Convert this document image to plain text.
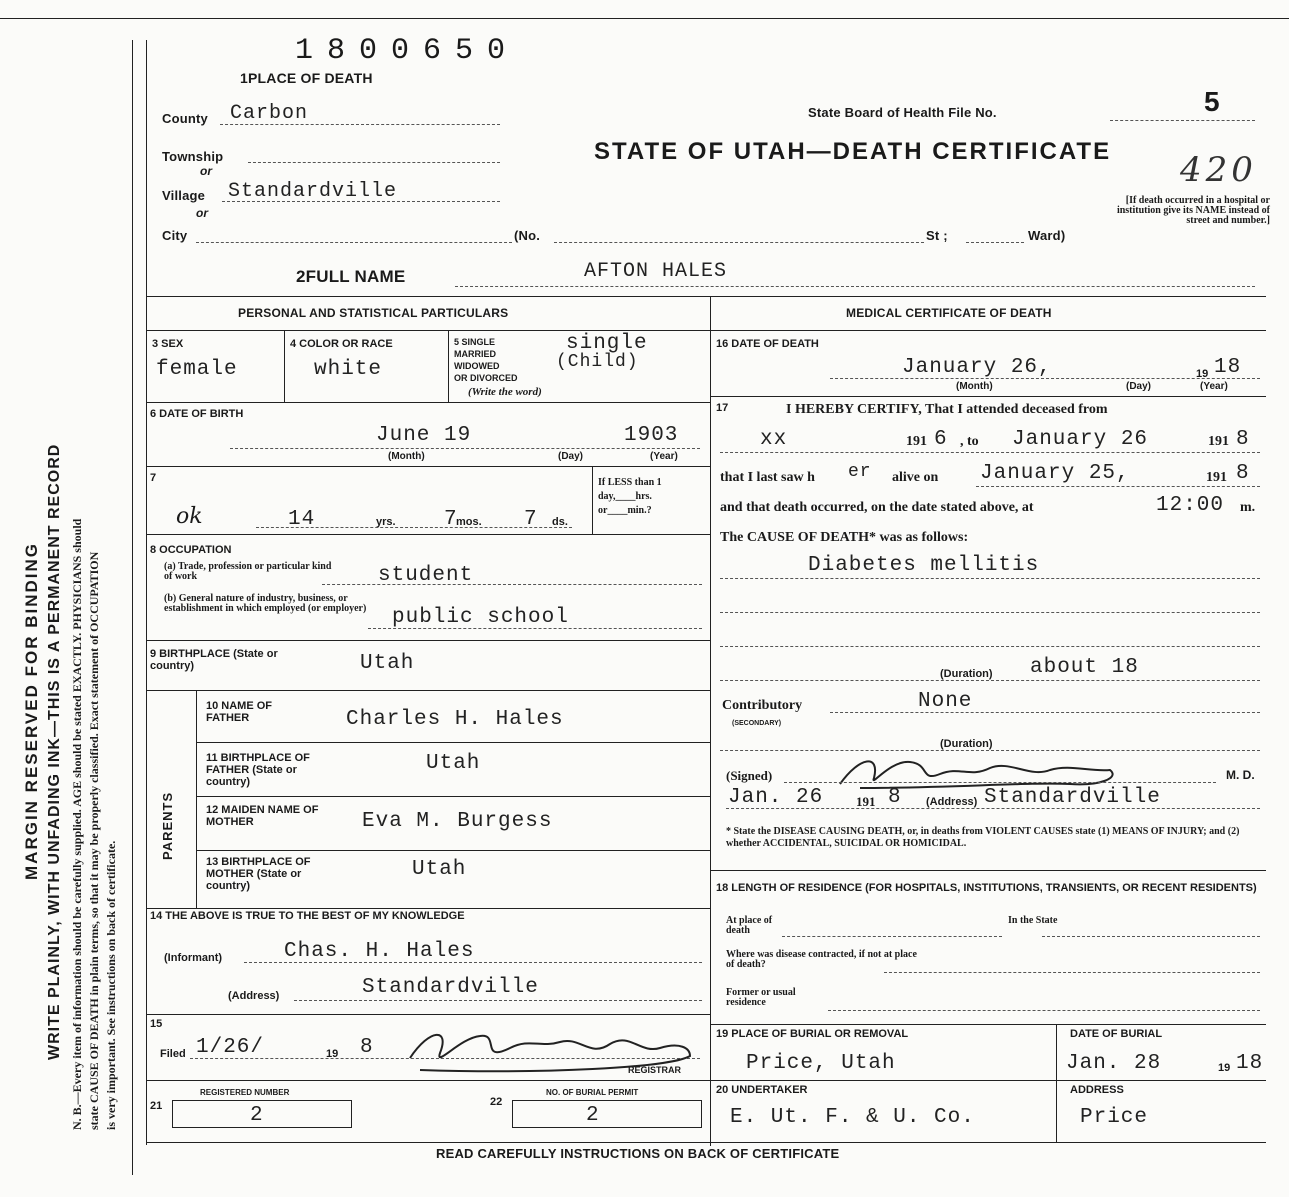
MARGIN RESERVED FOR BINDING WRITE PLAINLY, WITH UNFADING INK—THIS IS A PERMANENT RECORD N. B.—Every item of information should be carefully supplied. AGE should be stated EXACTLY. PHYSICIANS should state CAUSE OF DEATH in plain terms, so that it may be properly classified. Exact statement of OCCUPATION is very important. See instructions on back of certificate.
1800650
1PLACE OF DEATH
County Carbon
Township
or
Village Standardville
or
City	(No.	St ;	Ward)
State Board of Health File No.	5
STATE OF UTAH—DEATH CERTIFICATE 420
[If death occurred in a hospital or institution give its NAME instead of street and number.]
2FULL NAME	AFTON HALES
PERSONAL AND STATISTICAL PARTICULARS
3 SEX
female
4 COLOR OR RACE
white
5 SINGLE
MARRIED
WIDOWED
OR DIVORCED
(Write the word)
single
(Child)
6 DATE OF BIRTH
June 19	1903
(Month)	(Day)	(Year)
7
ok	14	yrs. 7
mos. 7 ds.
If LESS than 1 day,____hrs. or____min.?
8 OCCUPATION
(a) Trade, profession or particular kind of work	student
(b) General nature of industry, business, or establishment in which employed (or employer)	public school
9 BIRTHPLACE (State or country)	Utah
PARENTS
10 NAME OF FATHER	Charles H. Hales
11 BIRTHPLACE OF FATHER (State or country)
Utah
12 MAIDEN NAME OF MOTHER	Eva M. Burgess
13 BIRTHPLACE OF MOTHER (State or country)
Utah
14 THE ABOVE IS TRUE TO THE BEST OF MY KNOWLEDGE
(Informant)	Chas. H. Hales
(Address)	Standardville
15
Filed 1/26/	19 8
REGISTRAR
21
REGISTERED NUMBER
2
22
NO. OF BURIAL PERMIT
2
MEDICAL CERTIFICATE OF DEATH
16 DATE OF DEATH
January 26,	19 18
(Month)	(Day)	(Year)
17	I HEREBY CERTIFY, That I attended deceased from
xx	191 6 , to January 26	191 8
that I last saw h er alive on January 25,	191 8
and that death occurred, on the date stated above, at	12:00 m.
The CAUSE OF DEATH* was as follows:
Diabetes mellitis
(Duration) about 18
Contributory
(SECONDARY)
None
(Duration)
(Signed)	M. D.
Jan. 26	191 8 (Address) Standardville
* State the DISEASE CAUSING DEATH, or, in deaths from VIOLENT CAUSES state (1) MEANS OF INJURY; and (2) whether ACCIDENTAL, SUICIDAL OR HOMICIDAL.
18 LENGTH OF RESIDENCE (FOR HOSPITALS, INSTITUTIONS, TRANSIENTS, OR RECENT RESIDENTS)
At place of death
In the State
Where was disease contracted, if not at place of death?
Former or usual residence
19 PLACE OF BURIAL OR REMOVAL
Price, Utah
DATE OF BURIAL
Jan. 28	19 18
20 UNDERTAKER
E. Ut. F. & U. Co.
ADDRESS
Price
READ CAREFULLY INSTRUCTIONS ON BACK OF CERTIFICATE
